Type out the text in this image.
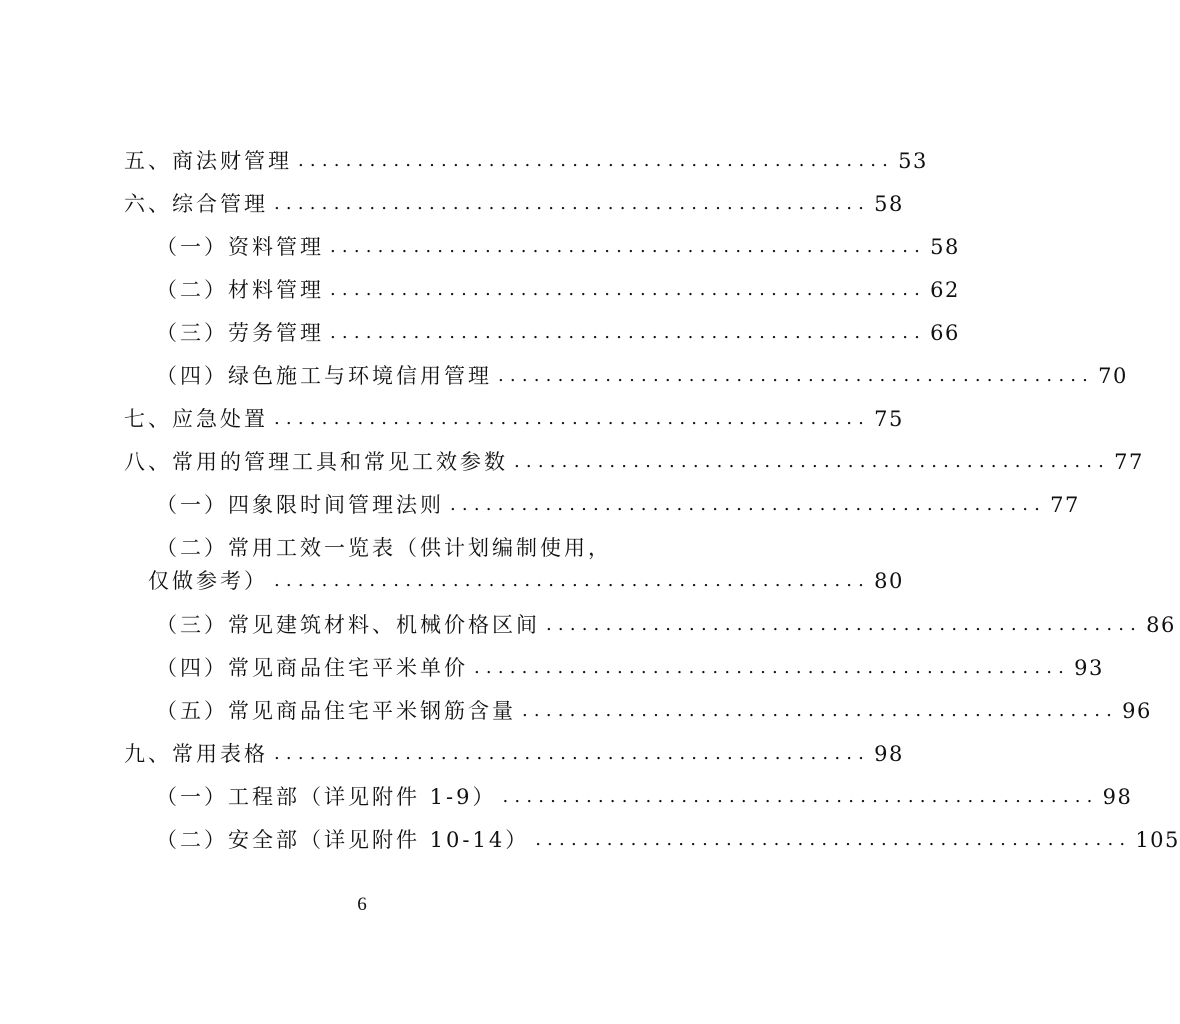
五、商法财管理 .................................................. 53
六、综合管理 .................................................. 58
（一）资料管理 .................................................. 58
（二）材料管理 .................................................. 62
（三）劳务管理 .................................................. 66
（四）绿色施工与环境信用管理 .................................................. 70
七、应急处置 .................................................. 75
八、常用的管理工具和常见工效参数 .................................................. 77
（一）四象限时间管理法则 .................................................. 77
（二）常用工效一览表（供计划编制使用，
仅做参考） .................................................. 80
（三）常见建筑材料、机械价格区间 .................................................. 86
（四）常见商品住宅平米单价 .................................................. 93
（五）常见商品住宅平米钢筋含量 .................................................. 96
九、常用表格 .................................................. 98
（一）工程部（详见附件 1-9） .................................................. 98
（二）安全部（详见附件 10-14） .................................................. 105
6
